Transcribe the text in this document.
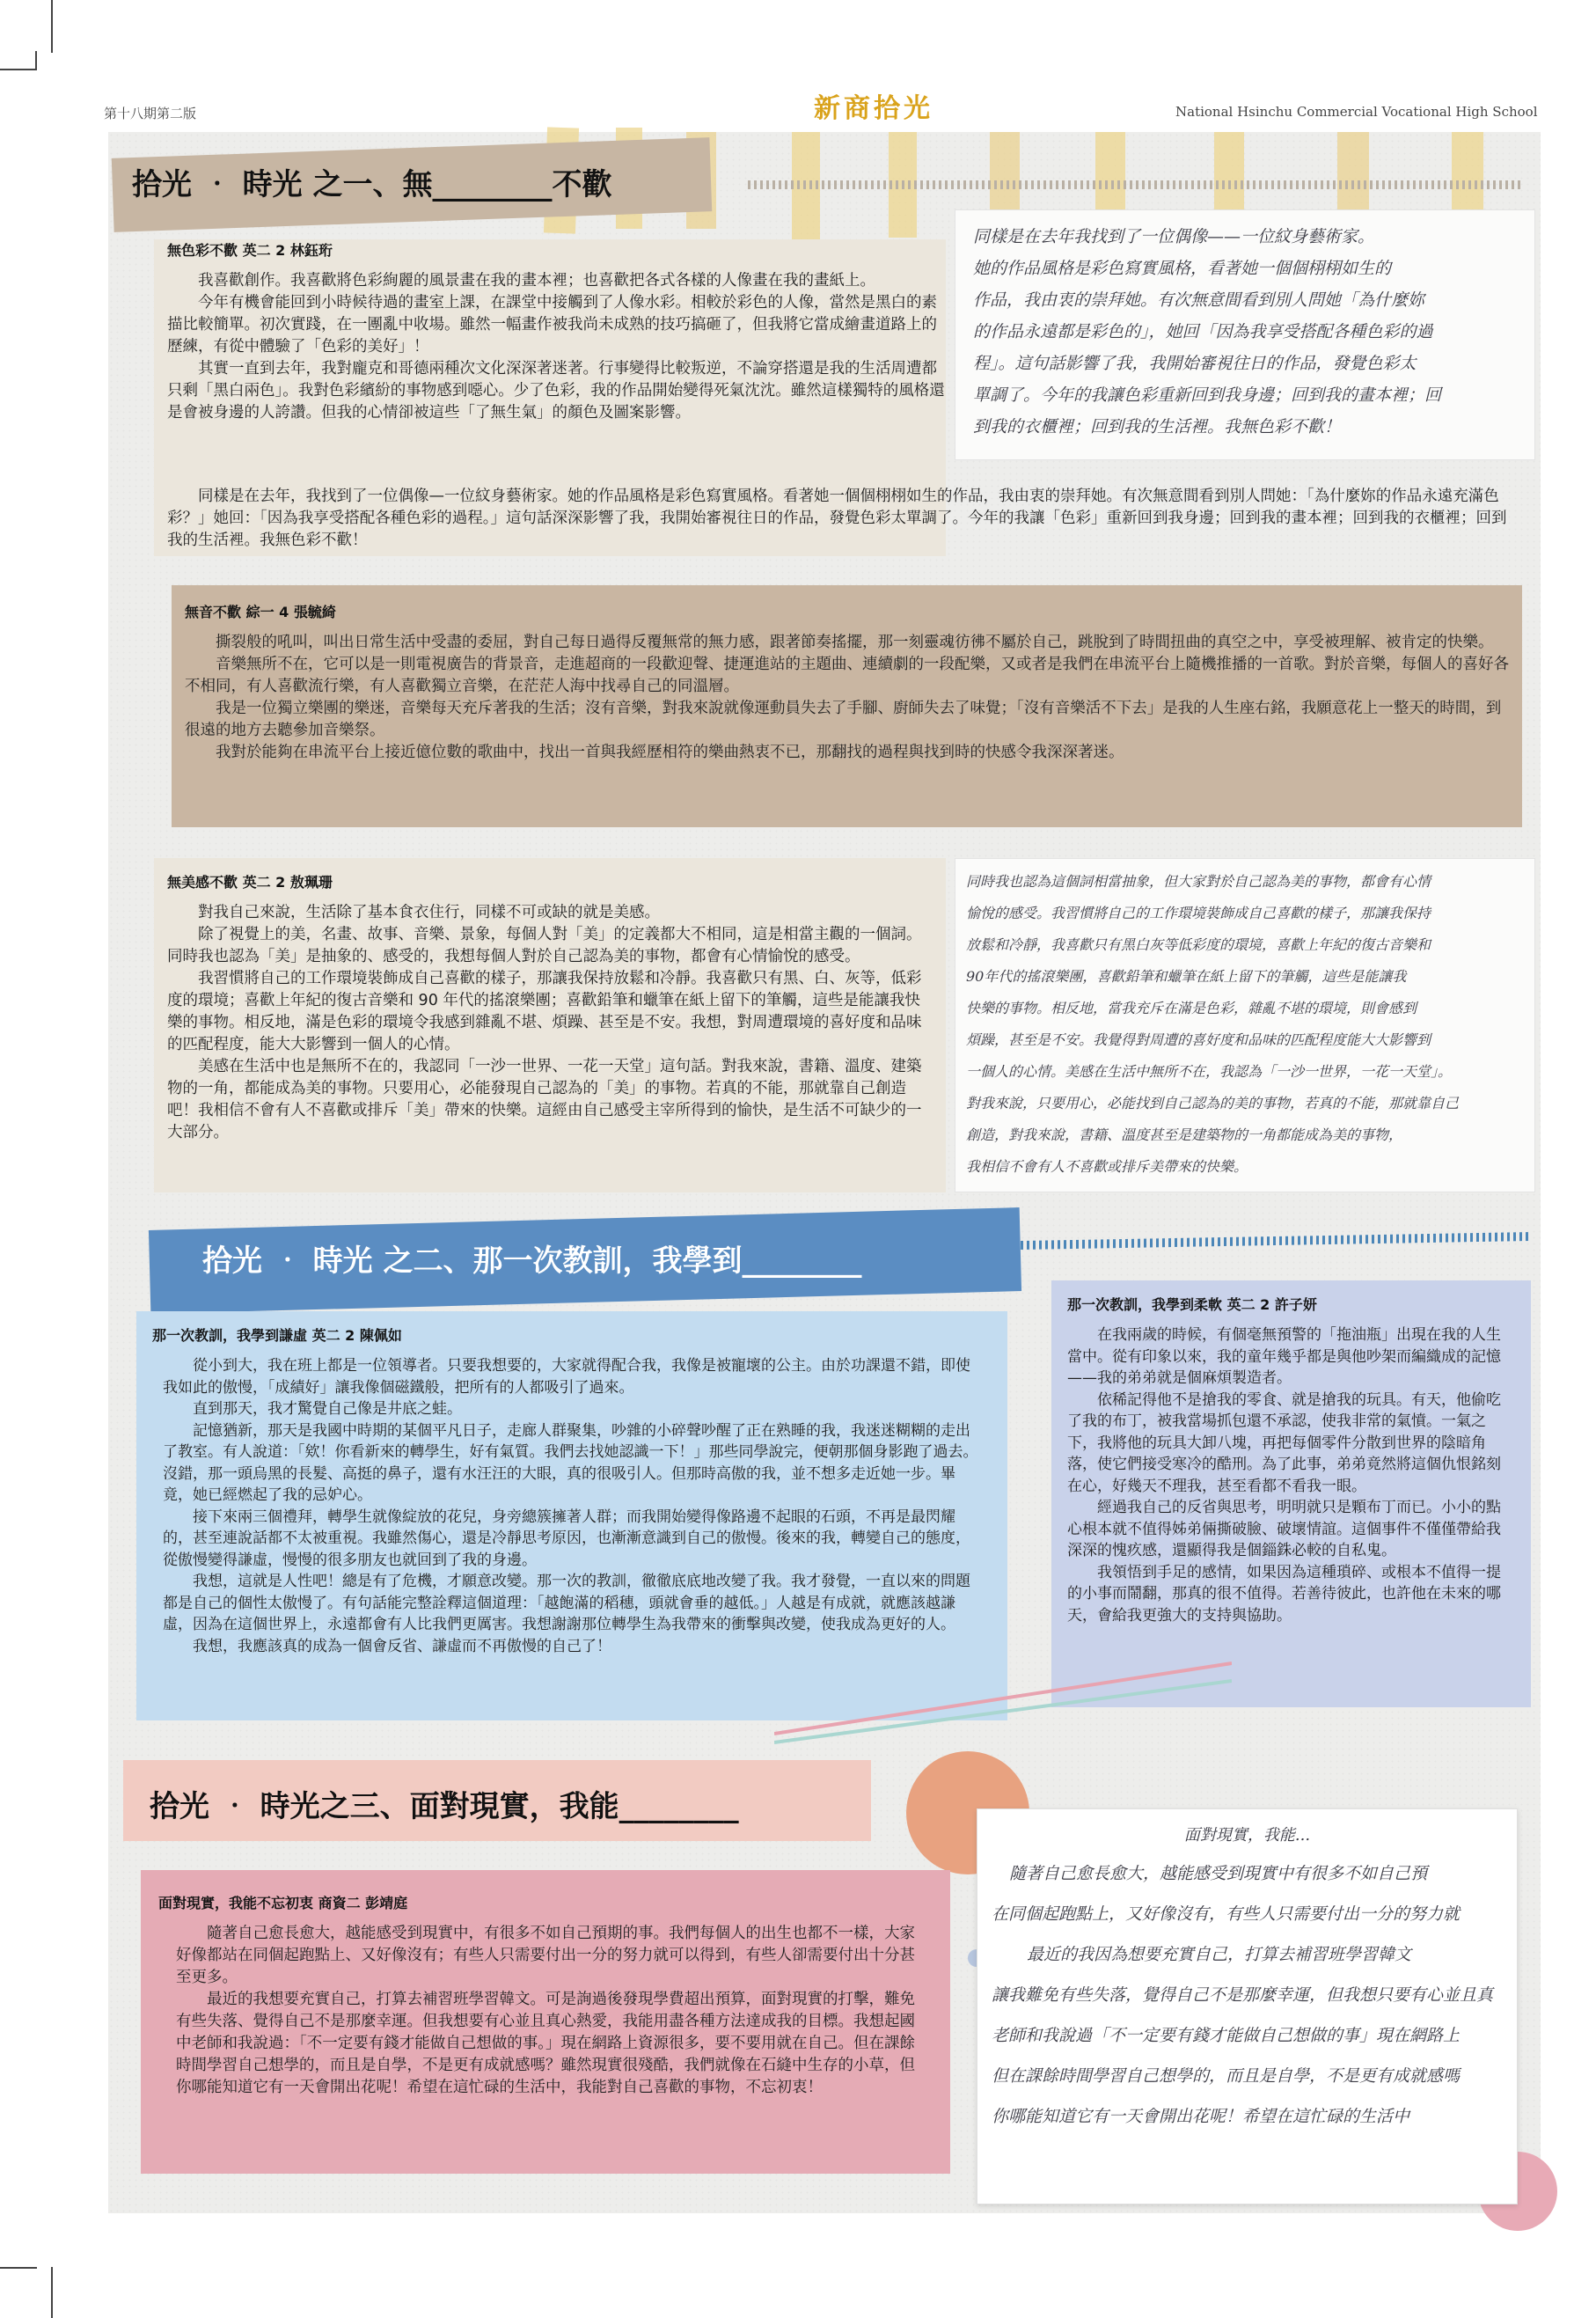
第十八期第二版	新商拾光	National Hsinchu Commercial Vocational High School
拾光 ‧ 時光 之一、無________不歡
無色彩不歡 英二 2 林鈺珩

我喜歡創作。我喜歡將色彩絢麗的風景畫在我的畫本裡；也喜歡把各式各樣的人像畫在我的畫紙上。

今年有機會能回到小時候待過的畫室上課，在課堂中接觸到了人像水彩。相較於彩色的人像，當然是黑白的素描比較簡單。初次實踐，在一團亂中收場。雖然一幅畫作被我尚未成熟的技巧搞砸了，但我將它當成繪畫道路上的歷練，有從中體驗了「色彩的美好」！

其實一直到去年，我對龐克和哥德兩種次文化深深著迷著。行事變得比較叛逆，不論穿搭還是我的生活周遭都只剩「黑白兩色」。我對色彩繽紛的事物感到噁心。少了色彩，我的作品開始變得死氣沈沈。雖然這樣獨特的風格還是會被身邊的人誇讚。但我的心情卻被這些「了無生氣」的顏色及圖案影響。

同樣是在去年，我找到了一位偶像—一位紋身藝術家。她的作品風格是彩色寫實風格。看著她一個個栩栩如生的作品，我由衷的崇拜她。有次無意間看到別人問她：「為什麼妳的作品永遠充滿色彩？」她回：「因為我享受搭配各種色彩的過程。」這句話深深影響了我，我開始審視往日的作品，發覺色彩太單調了。今年的我讓「色彩」重新回到我身邊；回到我的畫本裡；回到我的衣櫃裡；回到我的生活裡。我無色彩不歡！

同樣是在去年我找到了一位偶像——一位紋身藝術家。

她的作品風格是彩色寫實風格，看著她一個個栩栩如生的

作品，我由衷的崇拜她。有次無意間看到別人問她「為什麼妳

的作品永遠都是彩色的」，她回「因為我享受搭配各種色彩的過

程」。這句話影響了我，我開始審視往日的作品，發覺色彩太

單調了。今年的我讓色彩重新回到我身邊；回到我的畫本裡；回

到我的衣櫃裡；回到我的生活裡。我無色彩不歡！

無音不歡 綜一 4 張毓綺

撕裂般的吼叫，叫出日常生活中受盡的委屈，對自己每日過得反覆無常的無力感，跟著節奏搖擺，那一刻靈魂彷彿不屬於自己，跳脫到了時間扭曲的真空之中，享受被理解、被肯定的快樂。

音樂無所不在，它可以是一則電視廣告的背景音，走進超商的一段歡迎聲、捷運進站的主題曲、連續劇的一段配樂，又或者是我們在串流平台上隨機推播的一首歌。對於音樂，每個人的喜好各不相同，有人喜歡流行樂，有人喜歡獨立音樂，在茫茫人海中找尋自己的同溫層。

我是一位獨立樂團的樂迷，音樂每天充斥著我的生活；沒有音樂，對我來說就像運動員失去了手腳、廚師失去了味覺；「沒有音樂活不下去」是我的人生座右銘，我願意花上一整天的時間，到很遠的地方去聽參加音樂祭。

我對於能夠在串流平台上接近億位數的歌曲中，找出一首與我經歷相符的樂曲熱衷不已，那翻找的過程與找到時的快感令我深深著迷。

無美感不歡 英二 2 敖珮珊

對我自己來說，生活除了基本食衣住行，同樣不可或缺的就是美感。

除了視覺上的美，名畫、故事、音樂、景象，每個人對「美」的定義都大不相同，這是相當主觀的一個詞。同時我也認為「美」是抽象的、感受的，我想每個人對於自己認為美的事物，都會有心情愉悅的感受。

我習慣將自己的工作環境裝飾成自己喜歡的樣子，那讓我保持放鬆和冷靜。我喜歡只有黑、白、灰等，低彩度的環境；喜歡上年紀的復古音樂和 90 年代的搖滾樂團；喜歡鉛筆和蠟筆在紙上留下的筆觸，這些是能讓我快樂的事物。相反地，滿是色彩的環境令我感到雜亂不堪、煩躁、甚至是不安。我想，對周遭環境的喜好度和品味的匹配程度，能大大影響到一個人的心情。

美感在生活中也是無所不在的，我認同「一沙一世界、一花一天堂」這句話。對我來說，書籍、溫度、建築物的一角，都能成為美的事物。只要用心，必能發現自己認為的「美」的事物。若真的不能，那就靠自己創造吧！我相信不會有人不喜歡或排斥「美」帶來的快樂。這經由自己感受主宰所得到的愉快，是生活不可缺少的一大部分。

同時我也認為這個詞相當抽象，但大家對於自己認為美的事物，都會有心情

愉悅的感受。我習慣將自己的工作環境裝飾成自己喜歡的樣子，那讓我保持

放鬆和冷靜，我喜歡只有黑白灰等低彩度的環境，喜歡上年紀的復古音樂和

90年代的搖滾樂團，喜歡鉛筆和蠟筆在紙上留下的筆觸，這些是能讓我

快樂的事物。相反地，當我充斥在滿是色彩，雜亂不堪的環境，則會感到

煩躁，甚至是不安。我覺得對周遭的喜好度和品味的匹配程度能大大影響到

一個人的心情。美感在生活中無所不在，我認為「一沙一世界，一花一天堂」。

對我來說，只要用心，必能找到自己認為的美的事物，若真的不能，那就靠自己

創造，對我來說，書籍、溫度甚至是建築物的一角都能成為美的事物，

我相信不會有人不喜歡或排斥美帶來的快樂。

拾光 ‧ 時光 之二、那一次教訓，我學到________
那一次教訓，我學到謙虛 英二 2 陳佩如

從小到大，我在班上都是一位領導者。只要我想要的，大家就得配合我，我像是被寵壞的公主。由於功課還不錯，即使我如此的傲慢，「成績好」讓我像個磁鐵般，把所有的人都吸引了過來。

直到那天，我才驚覺自己像是井底之蛙。

記憶猶新，那天是我國中時期的某個平凡日子，走廊人群聚集，吵雜的小碎聲吵醒了正在熟睡的我，我迷迷糊糊的走出了教室。有人說道：「欸！你看新來的轉學生，好有氣質。我們去找她認識一下！」那些同學說完，便朝那個身影跑了過去。沒錯，那一頭烏黑的長髮、高挺的鼻子，還有水汪汪的大眼，真的很吸引人。但那時高傲的我，並不想多走近她一步。畢竟，她已經燃起了我的忌妒心。

接下來兩三個禮拜，轉學生就像綻放的花兒，身旁總簇擁著人群；而我開始變得像路邊不起眼的石頭，不再是最閃耀的，甚至連說話都不太被重視。我雖然傷心，還是冷靜思考原因，也漸漸意識到自己的傲慢。後來的我，轉變自己的態度，從傲慢變得謙虛，慢慢的很多朋友也就回到了我的身邊。

我想，這就是人性吧！總是有了危機，才願意改變。那一次的教訓，徹徹底底地改變了我。我才發覺，一直以來的問題都是自己的個性太傲慢了。有句話能完整詮釋這個道理：「越飽滿的稻穗，頭就會垂的越低。」人越是有成就，就應該越謙虛，因為在這個世界上，永遠都會有人比我們更厲害。我想謝謝那位轉學生為我帶來的衝擊與改變，使我成為更好的人。

我想，我應該真的成為一個會反省、謙虛而不再傲慢的自己了！

那一次教訓，我學到柔軟 英二 2 許子妍

在我兩歲的時候，有個毫無預警的「拖油瓶」出現在我的人生當中。從有印象以來，我的童年幾乎都是與他吵架而編織成的記憶——我的弟弟就是個麻煩製造者。

依稀記得他不是搶我的零食、就是搶我的玩具。有天，他偷吃了我的布丁，被我當場抓包還不承認，使我非常的氣憤。一氣之下，我將他的玩具大卸八塊，再把每個零件分散到世界的陰暗角落，使它們接受寒冷的酷刑。為了此事，弟弟竟然將這個仇恨銘刻在心，好幾天不理我，甚至看都不看我一眼。

經過我自己的反省與思考，明明就只是顆布丁而已。小小的點心根本就不值得姊弟倆撕破臉、破壞情誼。這個事件不僅僅帶給我深深的愧疚感，還顯得我是個錙銖必較的自私鬼。

我領悟到手足的感情，如果因為這種瑣碎、或根本不值得一提的小事而鬧翻，那真的很不值得。若善待彼此，也許他在未來的哪天，會給我更強大的支持與協助。

拾光 ‧ 時光之三、面對現實，我能________
面對現實，我能不忘初衷 商資二 彭靖庭

隨著自己愈長愈大，越能感受到現實中，有很多不如自己預期的事。我們每個人的出生也都不一樣，大家好像都站在同個起跑點上、又好像沒有；有些人只需要付出一分的努力就可以得到，有些人卻需要付出十分甚至更多。

最近的我想要充實自己，打算去補習班學習韓文。可是詢過後發現學費超出預算，面對現實的打擊，難免有些失落、覺得自己不是那麼幸運。但我想要有心並且真心熱愛，我能用盡各種方法達成我的目標。我想起國中老師和我說過：「不一定要有錢才能做自己想做的事。」現在網路上資源很多，要不要用就在自己。但在課餘時間學習自己想學的，而且是自學，不是更有成就感嗎？雖然現實很殘酷，我們就像在石縫中生存的小草，但你哪能知道它有一天會開出花呢！希望在這忙碌的生活中，我能對自己喜歡的事物，不忘初衷！

面對現實，我能...

隨著自己愈長愈大，越能感受到現實中有很多不如自己預

在同個起跑點上，又好像沒有，有些人只需要付出一分的努力就

最近的我因為想要充實自己，打算去補習班學習韓文

讓我難免有些失落，覺得自己不是那麼幸運，但我想只要有心並且真

老師和我說過「不一定要有錢才能做自己想做的事」現在網路上

但在課餘時間學習自己想學的，而且是自學，不是更有成就感嗎

你哪能知道它有一天會開出花呢！希望在這忙碌的生活中
